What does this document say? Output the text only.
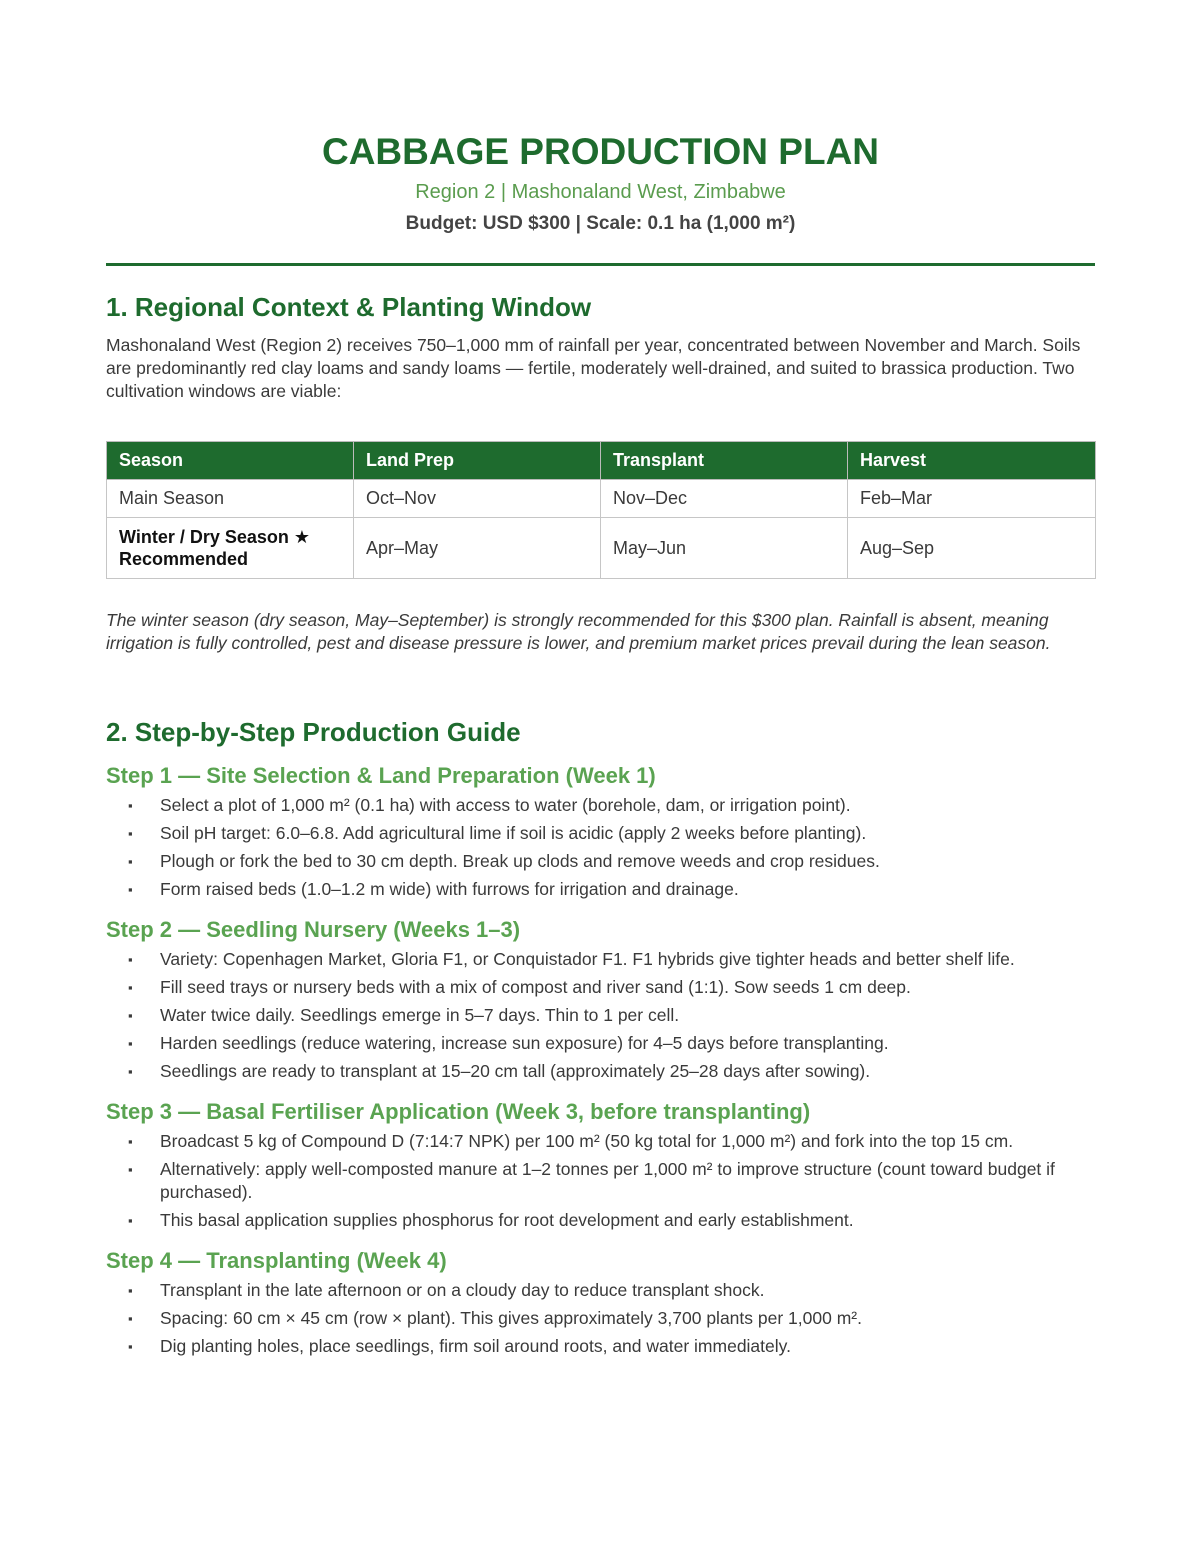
CABBAGE PRODUCTION PLAN
Region 2 | Mashonaland West, Zimbabwe
Budget: USD $300 | Scale: 0.1 ha (1,000 m²)
1. Regional Context & Planting Window

Mashonaland West (Region 2) receives 750–1,000 mm of rainfall per year, concentrated between November and March. Soils are predominantly red clay loams and sandy loams — fertile, moderately well-drained, and suited to brassica production. Two cultivation windows are viable:

Season	Land Prep	Transplant	Harvest
Main Season	Oct–Nov	Nov–Dec	Feb–Mar
Winter / Dry Season ★ Recommended	Apr–May	May–Jun	Aug–Sep

The winter season (dry season, May–September) is strongly recommended for this $300 plan. Rainfall is absent, meaning irrigation is fully controlled, pest and disease pressure is lower, and premium market prices prevail during the lean season.

2. Step-by-Step Production Guide
Step 1 — Site Selection & Land Preparation (Week 1)
▪ Select a plot of 1,000 m² (0.1 ha) with access to water (borehole, dam, or irrigation point).
▪ Soil pH target: 6.0–6.8. Add agricultural lime if soil is acidic (apply 2 weeks before planting).
▪ Plough or fork the bed to 30 cm depth. Break up clods and remove weeds and crop residues.
▪ Form raised beds (1.0–1.2 m wide) with furrows for irrigation and drainage.
Step 2 — Seedling Nursery (Weeks 1–3)
▪ Variety: Copenhagen Market, Gloria F1, or Conquistador F1. F1 hybrids give tighter heads and better shelf life.
▪ Fill seed trays or nursery beds with a mix of compost and river sand (1:1). Sow seeds 1 cm deep.
▪ Water twice daily. Seedlings emerge in 5–7 days. Thin to 1 per cell.
▪ Harden seedlings (reduce watering, increase sun exposure) for 4–5 days before transplanting.
▪ Seedlings are ready to transplant at 15–20 cm tall (approximately 25–28 days after sowing).
Step 3 — Basal Fertiliser Application (Week 3, before transplanting)
▪ Broadcast 5 kg of Compound D (7:14:7 NPK) per 100 m² (50 kg total for 1,000 m²) and fork into the top 15 cm.
▪ Alternatively: apply well-composted manure at 1–2 tonnes per 1,000 m² to improve structure (count toward budget if purchased).
▪ This basal application supplies phosphorus for root development and early establishment.
Step 4 — Transplanting (Week 4)
▪ Transplant in the late afternoon or on a cloudy day to reduce transplant shock.
▪ Spacing: 60 cm × 45 cm (row × plant). This gives approximately 3,700 plants per 1,000 m².
▪ Dig planting holes, place seedlings, firm soil around roots, and water immediately.
